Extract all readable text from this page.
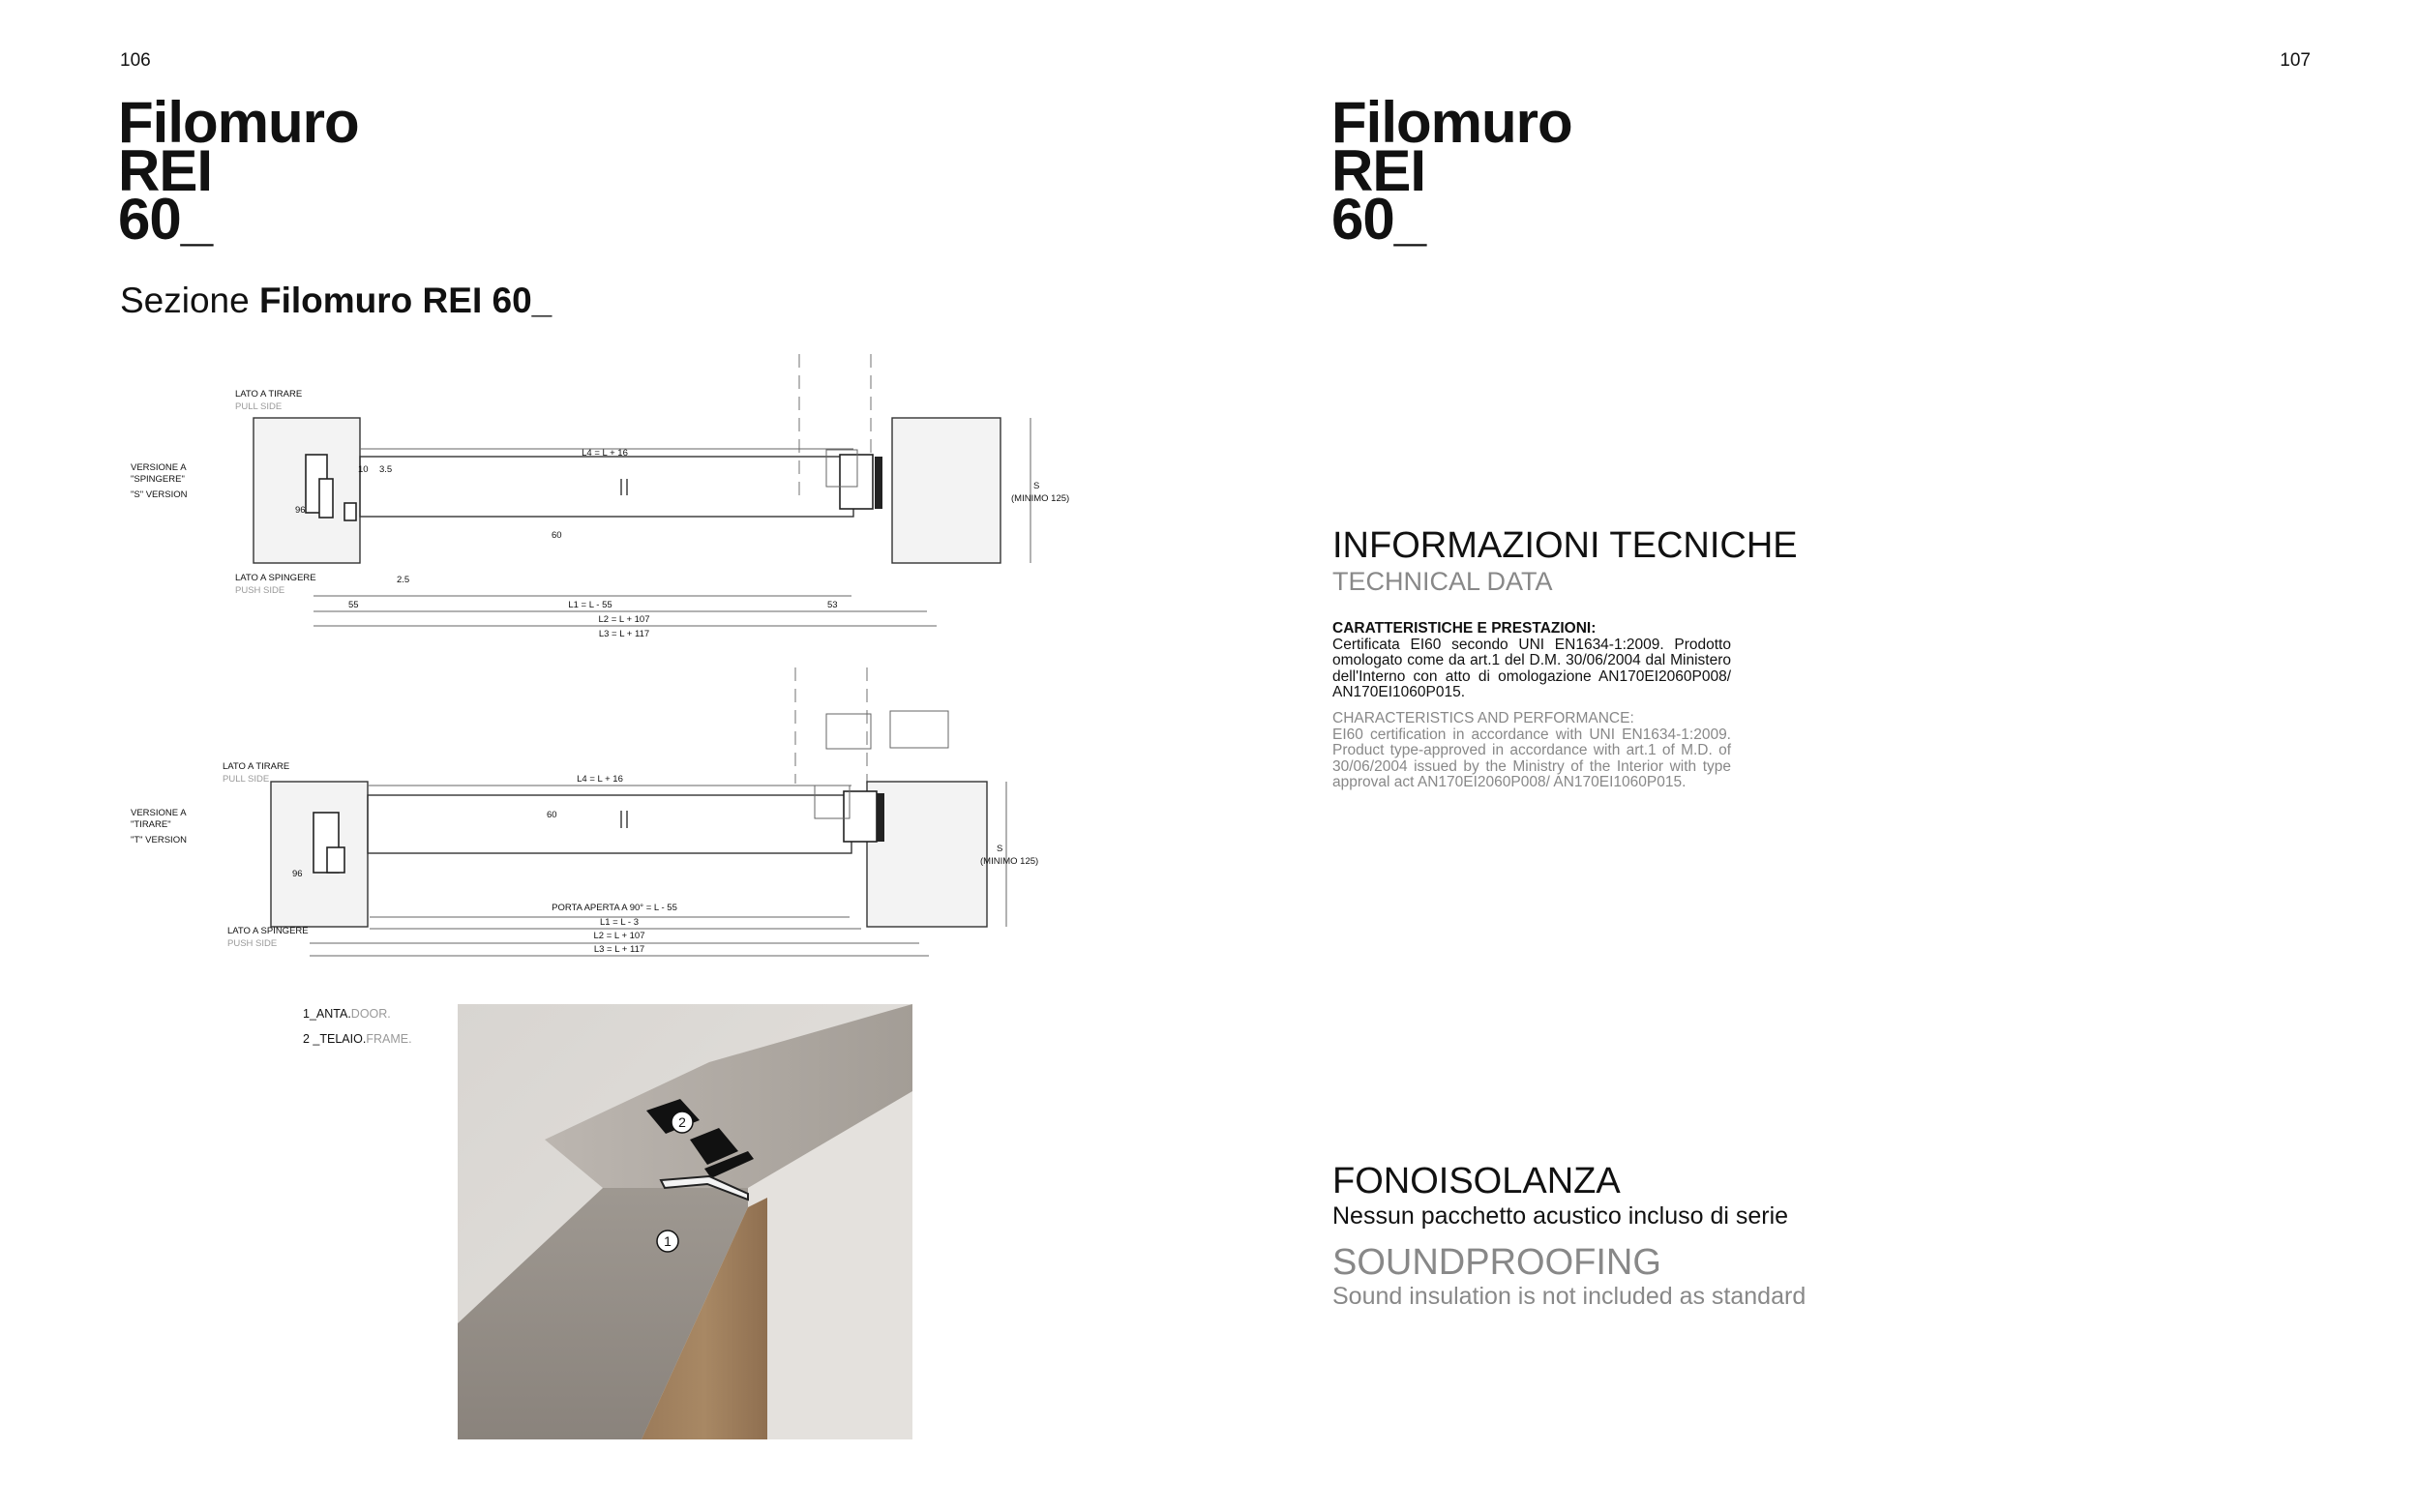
106
Filomuro
REI
60_
Sezione Filomuro REI 60_
L4 = L + 16
10 3.5
96
60
2.5
55	53
L1 = L - 55
L2 = L + 107
L3 = L + 117
S
(MINIMO 125)
LATO A TIRARE
PULL SIDE
LATO A SPINGERE
PUSH SIDE
VERSIONE A
"SPINGERE"
"S" VERSION
L4 = L + 16
96
60
PORTA APERTA A 90° = L - 55
L1 = L - 3
L2 = L + 107
L3 = L + 117
S
(MINIMO 125)
LATO A TIRARE
PULL SIDE
LATO A SPINGERE
PUSH SIDE
VERSIONE A
"TIRARE"
"T" VERSION
1_ANTA.DOOR.
2 _TELAIO.FRAME.
2
1
107
Filomuro
REI
60_
INFORMAZIONI TECNICHE
TECHNICAL DATA
CARATTERISTICHE E PRESTAZIONI:
Certificata EI60 secondo UNI EN1634-1:2009. Prodotto omologato come da art.1 del D.M. 30/06/2004 dal Ministero dell'Interno con atto di omologazione AN170EI2060P008/ AN170EI1060P015.
CHARACTERISTICS AND PERFORMANCE:
EI60 certification in accordance with UNI EN1634-1:2009. Product type-approved in accordance with art.1 of M.D. of 30/06/2004 issued by the Ministry of the Interior with type approval act AN170EI2060P008/ AN170EI1060P015.
FONOISOLANZA
Nessun pacchetto acustico incluso di serie
SOUNDPROOFING
Sound insulation is not included as standard
